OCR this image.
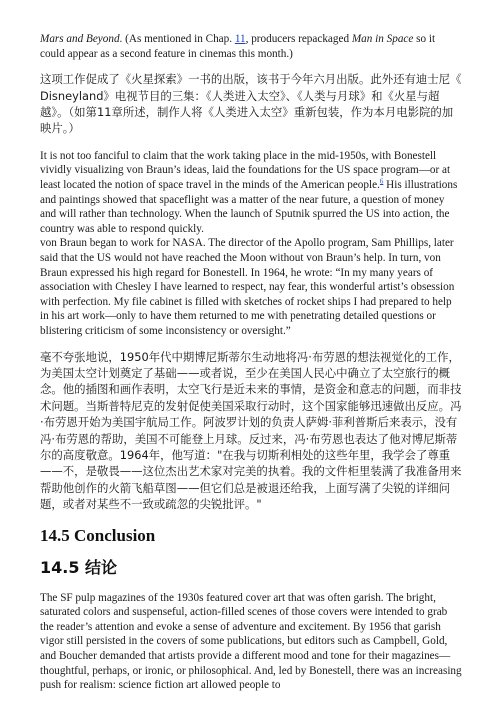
Mars and Beyond. (As mentioned in Chap. 11, producers repackaged Man in Space so it could appear as a second feature in cinemas this month.)

这项工作促成了《火星探索》一书的出版，该书于今年六月出版。此外还有迪士尼《 Disneyland》电视节目的三集：《人类进入太空》、《人类与月球》和《火星与超越》。（如第11章所述，制作人将《人类进入太空》重新包装，作为本月电影院的加映片。）

It is not too fanciful to claim that the work taking place in the mid-1950s, with Bonestell vividly visualizing von Braun’s ideas, laid the foundations for the US space program—or at least located the notion of space travel in the minds of the American people.$^6$ His illustrations and paintings showed that spaceflight was a matter of the near future, a question of money and will rather than technology. When the launch of Sputnik spurred the US into action, the country was able to respond quickly.

von Braun began to work for NASA. The director of the Apollo program, Sam Phillips, later said that the US would not have reached the Moon without von Braun’s help. In turn, von Braun expressed his high regard for Bonestell. In 1964, he wrote: “In my many years of association with Chesley I have learned to respect, nay fear, this wonderful artist’s obsession with perfection. My file cabinet is filled with sketches of rocket ships I had prepared to help in his art work—only to have them returned to me with penetrating detailed questions or blistering criticism of some inconsistency or oversight.”

毫不夸张地说，1950年代中期博尼斯蒂尔生动地将冯·布劳恩的想法视觉化的工作，为美国太空计划奠定了基础——或者说，至少在美国人民心中确立了太空旅行的概念。他的插图和画作表明，太空飞行是近未来的事情，是资金和意志的问题，而非技术问题。当斯普特尼克的发射促使美国采取行动时，这个国家能够迅速做出反应。冯·布劳恩开始为美国宇航局工作。阿波罗计划的负责人萨姆·菲利普斯后来表示，没有冯·布劳恩的帮助，美国不可能登上月球。反过来，冯·布劳恩也表达了他对博尼斯蒂尔的高度敬意。1964年，他写道："在我与切斯利相处的这些年里，我学会了尊重——不，是敬畏——这位杰出艺术家对完美的执着。我的文件柜里装满了我准备用来帮助他创作的火箭飞船草图——但它们总是被退还给我，上面写满了尖锐的详细问题，或者对某些不一致或疏忽的尖锐批评。"

14.5 Conclusion
14.5 结论

The SF pulp magazines of the 1930s featured cover art that was often garish. The bright, saturated colors and suspenseful, action-filled scenes of those covers were intended to grab the reader’s attention and evoke a sense of adventure and excitement. By 1956 that garish vigor still persisted in the covers of some publications, but editors such as Campbell, Gold, and Boucher demanded that artists provide a different mood and tone for their magazines—thoughtful, perhaps, or ironic, or philosophical. And, led by Bonestell, there was an increasing push for realism: science fiction art allowed people to
